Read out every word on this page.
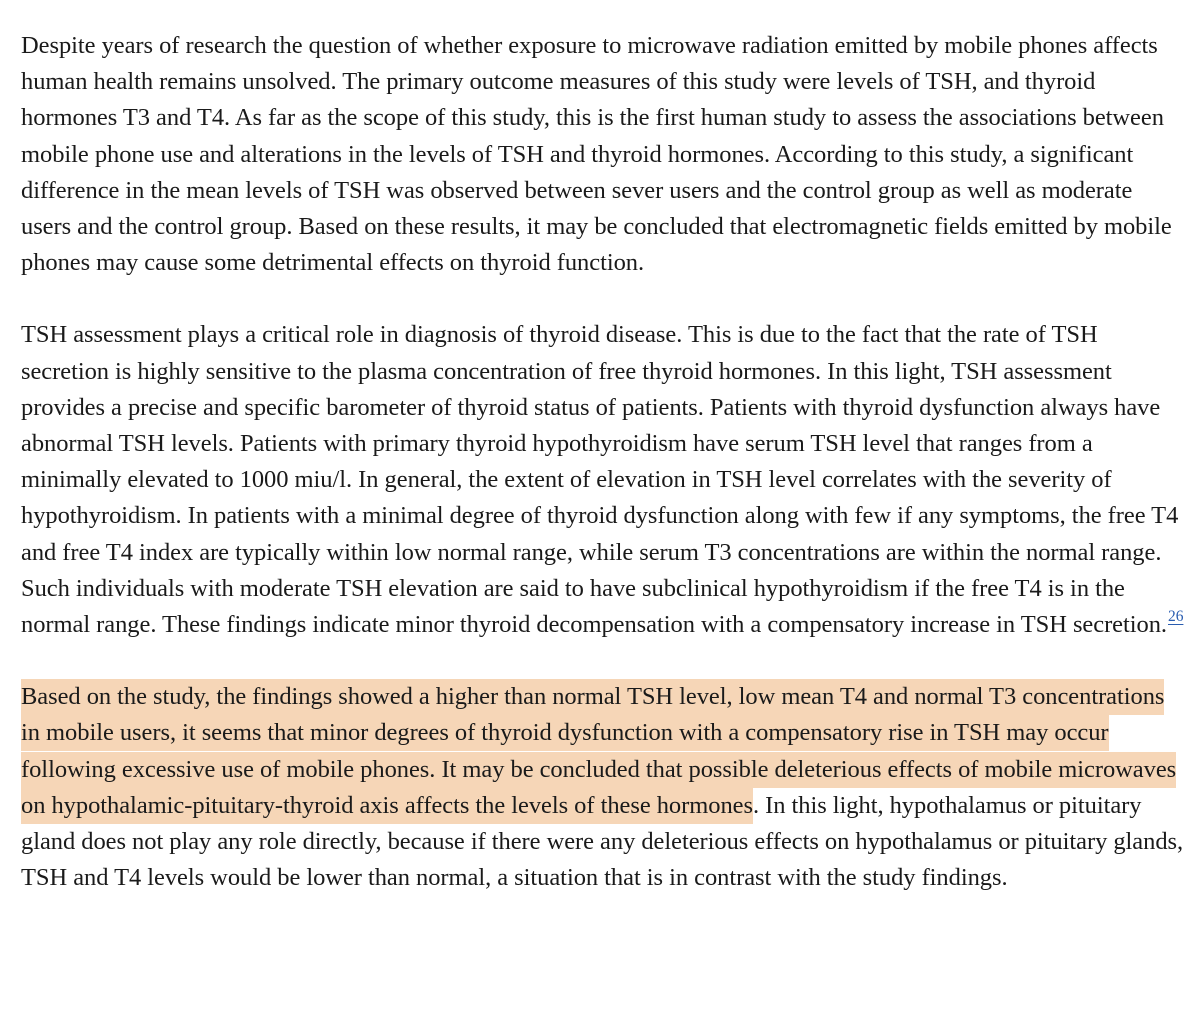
Despite years of research the question of whether exposure to microwave radiation emitted by mobile phones affects human health remains unsolved. The primary outcome measures of this study were levels of TSH, and thyroid hormones T3 and T4. As far as the scope of this study, this is the first human study to assess the associations between mobile phone use and alterations in the levels of TSH and thyroid hormones. According to this study, a significant difference in the mean levels of TSH was observed between sever users and the control group as well as moderate users and the control group. Based on these results, it may be concluded that electromagnetic fields emitted by mobile phones may cause some detrimental effects on thyroid function.

TSH assessment plays a critical role in diagnosis of thyroid disease. This is due to the fact that the rate of TSH secretion is highly sensitive to the plasma concentration of free thyroid hormones. In this light, TSH assessment provides a precise and specific barometer of thyroid status of patients. Patients with thyroid dysfunction always have abnormal TSH levels. Patients with primary thyroid hypothyroidism have serum TSH level that ranges from a minimally elevated to 1000 miu/l. In general, the extent of elevation in TSH level correlates with the severity of hypothyroidism. In patients with a minimal degree of thyroid dysfunction along with few if any symptoms, the free T4 and free T4 index are typically within low normal range, while serum T3 concentrations are within the normal range. Such individuals with moderate TSH elevation are said to have subclinical hypothyroidism if the free T4 is in the normal range. These findings indicate minor thyroid decompensation with a compensatory increase in TSH secretion.$^{26}$

Based on the study, the findings showed a higher than normal TSH level, low mean T4 and normal T3 concentrations in mobile users, it seems that minor degrees of thyroid dysfunction with a compensatory rise in TSH may occur following excessive use of mobile phones. It may be concluded that possible deleterious effects of mobile microwaves on hypothalamic-pituitary-thyroid axis affects the levels of these hormones. In this light, hypothalamus or pituitary gland does not play any role directly, because if there were any deleterious effects on hypothalamus or pituitary glands, TSH and T4 levels would be lower than normal, a situation that is in contrast with the study findings.
